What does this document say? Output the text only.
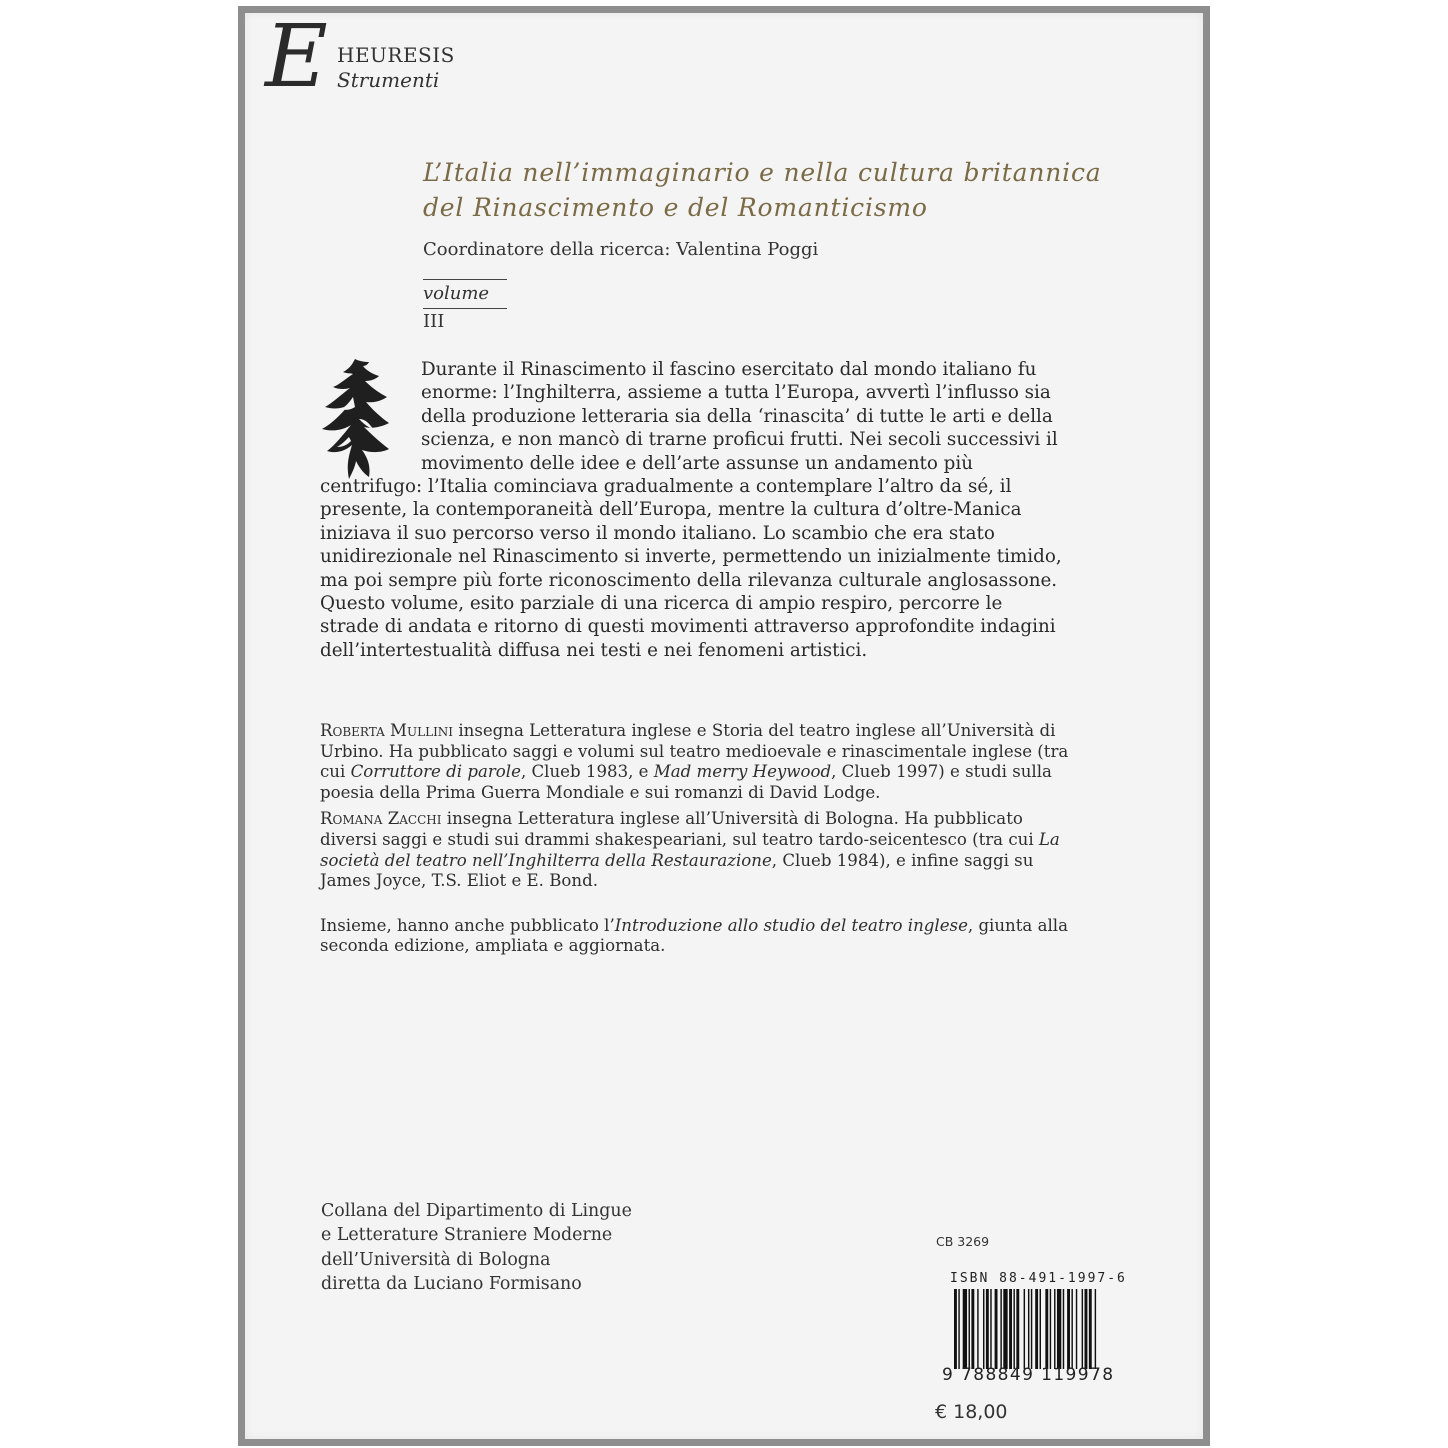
E HEURESIS
Strumenti
L’Italia nell’immaginario e nella cultura britannica
del Rinascimento e del Romanticismo
Coordinatore della ricerca: Valentina Poggi
volume  III

Durante il Rinascimento il fascino esercitato dal mondo italiano fu enorme: l’Inghilterra, assieme a tutta l’Europa, avvertì l’influsso sia della produzione letteraria sia della ‘rinascita’ di tutte le arti e della scienza, e non mancò di trarne proficui frutti. Nei secoli successivi il movimento delle idee e dell’arte assunse un andamento più centrifugo: l’Italia cominciava gradualmente a contemplare l’altro da sé, il presente, la contemporaneità dell’Europa, mentre la cultura d’oltre-Manica iniziava il suo percorso verso il mondo italiano. Lo scambio che era stato unidirezionale nel Rinascimento si inverte, permettendo un inizialmente timido, ma poi sempre più forte riconoscimento della rilevanza culturale anglosassone.

Questo volume, esito parziale di una ricerca di ampio respiro, percorre le strade di andata e ritorno di questi movimenti attraverso approfondite indagini dell’intertestualità diffusa nei testi e nei fenomeni artistici.

Roberta Mullini insegna Letteratura inglese e Storia del teatro inglese all’Università di Urbino. Ha pubblicato saggi e volumi sul teatro medioevale e rinascimentale inglese (tra cui Corruttore di parole, Clueb 1983, e Mad merry Heywood, Clueb 1997) e studi sulla poesia della Prima Guerra Mondiale e sui romanzi di David Lodge.

Romana Zacchi insegna Letteratura inglese all’Università di Bologna. Ha pubblicato diversi saggi e studi sui drammi shakespeariani, sul teatro tardo-seicentesco (tra cui La società del teatro nell’Inghilterra della Restaurazione, Clueb 1984), e infine saggi su James Joyce, T.S. Eliot e E. Bond.

Insieme, hanno anche pubblicato l’Introduzione allo studio del teatro inglese, giunta alla seconda edizione, ampliata e aggiornata.

Collana del Dipartimento di Lingue
e Letterature Straniere Moderne
dell’Università di Bologna
diretta da Luciano Formisano
CB 3269
ISBN 88-491-1997-6
9 788849 119978
€ 18,00
